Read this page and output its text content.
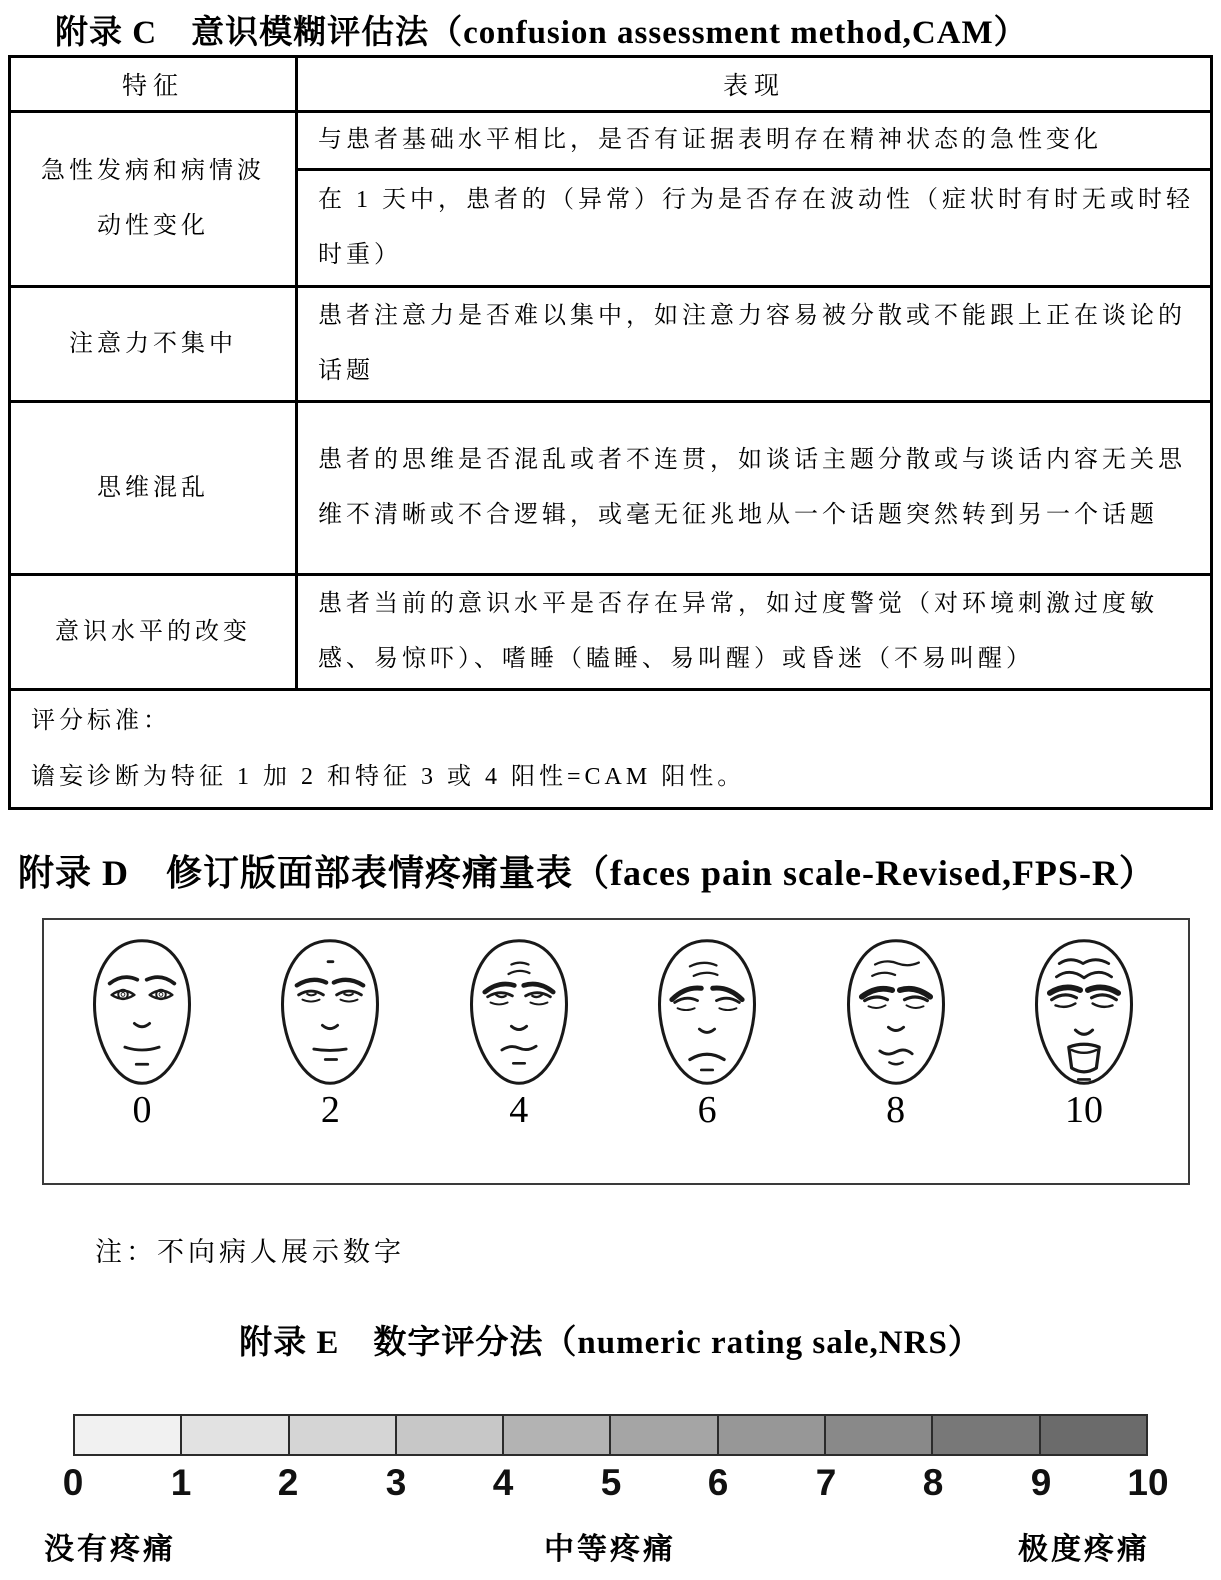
附录 C　意识模糊评估法（confusion assessment method,CAM）
特征	表现
急性发病和病情波动性变化	与患者基础水平相比，是否有证据表明存在精神状态的急性变化
	在 1 天中，患者的（异常）行为是否存在波动性（症状时有时无或时轻时重）
注意力不集中	患者注意力是否难以集中，如注意力容易被分散或不能跟上正在谈论的话题
思维混乱	患者的思维是否混乱或者不连贯，如谈话主题分散或与谈话内容无关思维不清晰或不合逻辑，或毫无征兆地从一个话题突然转到另一个话题
意识水平的改变	患者当前的意识水平是否存在异常，如过度警觉（对环境刺激过度敏感、易惊吓）、嗜睡（瞌睡、易叫醒）或昏迷（不易叫醒）

评分标准：
谵妄诊断为特征 1 加 2 和特征 3 或 4 阳性=CAM 阳性。	
附录 D　修订版面部表情疼痛量表（faces pain scale-Revised,FPS-R）
0	2	4	6	8	10
注：不向病人展示数字
附录 E　数字评分法（numeric rating sale,NRS）
0 1 2 3 4 5 6 7 8 9 10
没有疼痛	中等疼痛	极度疼痛
